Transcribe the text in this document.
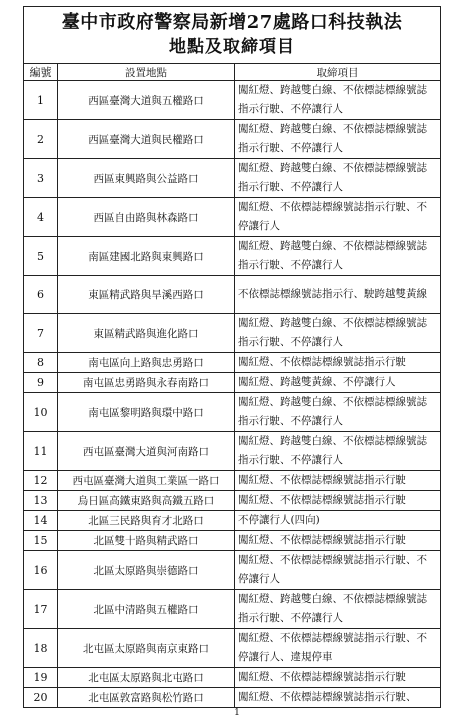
臺中市政府警察局新增27處路口科技執法
地點及取締項目
編號	設置地點	取締項目
1	西區臺灣大道與五權路口	闖紅燈、跨越雙白線、不依標誌標線號誌指示行駛、不停讓行人
2	西區臺灣大道與民權路口	闖紅燈、跨越雙白線、不依標誌標線號誌指示行駛、不停讓行人
3	西區東興路與公益路口	闖紅燈、跨越雙白線、不依標誌標線號誌指示行駛、不停讓行人
4	西區自由路與林森路口	闖紅燈、不依標誌標線號誌指示行駛、不停讓行人
5	南區建國北路與東興路口	闖紅燈、跨越雙白線、不依標誌標線號誌指示行駛、不停讓行人
6	東區精武路與旱溪西路口	不依標誌標線號誌指示行、駛跨越雙黃線
7	東區精武路與進化路口	闖紅燈、跨越雙白線、不依標誌標線號誌指示行駛、不停讓行人
8	南屯區向上路與忠勇路口	闖紅燈、不依標誌標線號誌指示行駛
9	南屯區忠勇路與永春南路口	闖紅燈、跨越雙黃線、不停讓行人
10	南屯區黎明路與環中路口	闖紅燈、跨越雙白線、不依標誌標線號誌指示行駛、不停讓行人
11	西屯區臺灣大道與河南路口	闖紅燈、跨越雙白線、不依標誌標線號誌指示行駛、不停讓行人
12	西屯區臺灣大道與工業區一路口	闖紅燈、不依標誌標線號誌指示行駛
13	烏日區高鐵東路與高鐵五路口	闖紅燈、不依標誌標線號誌指示行駛
14	北區三民路與育才北路口	不停讓行人(四向)
15	北區雙十路與精武路口	闖紅燈、不依標誌標線號誌指示行駛
16	北區太原路與崇德路口	闖紅燈、不依標誌標線號誌指示行駛、不停讓行人
17	北區中清路與五權路口	闖紅燈、跨越雙白線、不依標誌標線號誌指示行駛、不停讓行人
18	北屯區太原路與南京東路口	闖紅燈、不依標誌標線號誌指示行駛、不停讓行人、違規停車
19	北屯區太原路與北屯路口	闖紅燈、不依標誌標線號誌指示行駛
20	北屯區敦富路與松竹路口	闖紅燈、不依標誌標線號誌指示行駛、
1
